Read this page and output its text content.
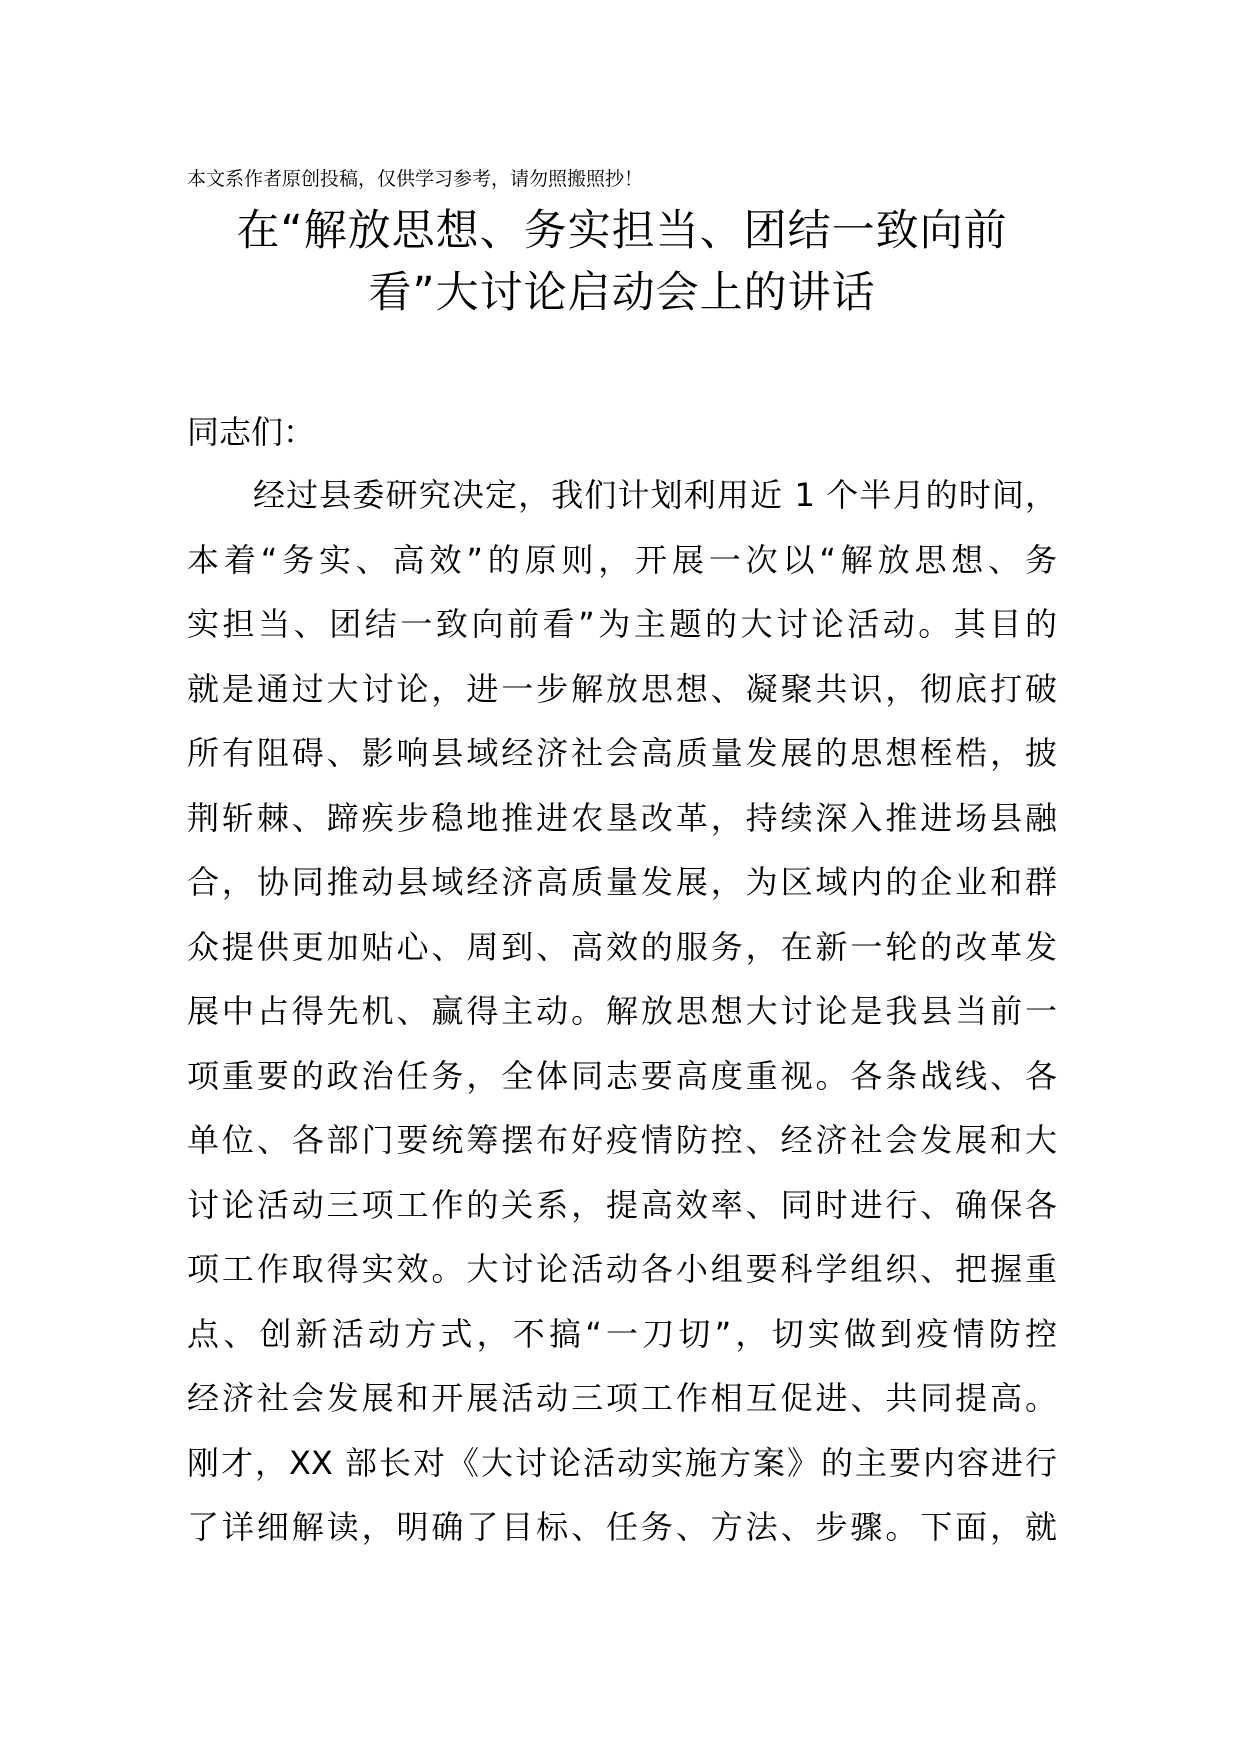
本文系作者原创投稿，仅供学习参考，请勿照搬照抄！
在“解放思想、务实担当、团结一致向前
看”大讨论启动会上的讲话
同志们：
经过县委研究决定，我们计划利用近 1 个半月的时间，
本着“务实、高效”的原则，开展一次以“解放思想、务
实担当、团结一致向前看”为主题的大讨论活动。其目的
就是通过大讨论，进一步解放思想、凝聚共识，彻底打破
所有阻碍、影响县域经济社会高质量发展的思想桎梏，披
荆斩棘、蹄疾步稳地推进农垦改革，持续深入推进场县融
合，协同推动县域经济高质量发展，为区域内的企业和群
众提供更加贴心、周到、高效的服务，在新一轮的改革发
展中占得先机、赢得主动。解放思想大讨论是我县当前一
项重要的政治任务，全体同志要高度重视。各条战线、各
单位、各部门要统筹摆布好疫情防控、经济社会发展和大
讨论活动三项工作的关系，提高效率、同时进行、确保各
项工作取得实效。大讨论活动各小组要科学组织、把握重
点、创新活动方式，不搞“一刀切”，切实做到疫情防控
经济社会发展和开展活动三项工作相互促进、共同提高。
刚才，XX 部长对《大讨论活动实施方案》的主要内容进行
了详细解读，明确了目标、任务、方法、步骤。下面，就
